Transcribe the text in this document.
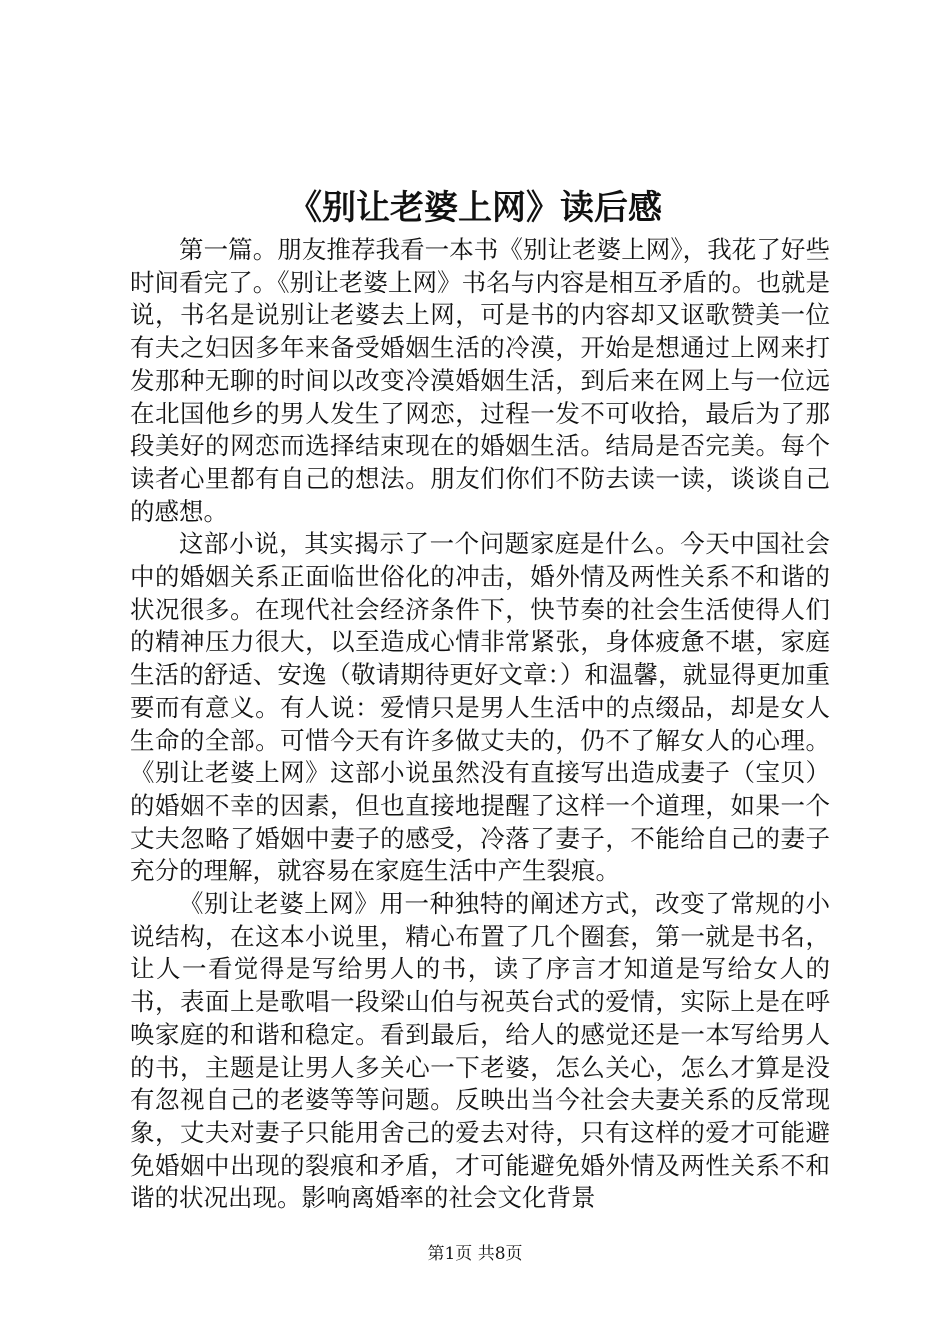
《别让老婆上网》读后感

第一篇。朋友推荐我看一本书《别让老婆上网》，我花了好些时间看完了。《别让老婆上网》书名与内容是相互矛盾的。也就是说，书名是说别让老婆去上网，可是书的内容却又讴歌赞美一位有夫之妇因多年来备受婚姻生活的冷漠，开始是想通过上网来打发那种无聊的时间以改变冷漠婚姻生活，到后来在网上与一位远在北国他乡的男人发生了网恋，过程一发不可收拾，最后为了那段美好的网恋而选择结束现在的婚姻生活。结局是否完美。每个读者心里都有自己的想法。朋友们你们不防去读一读，谈谈自己的感想。

这部小说，其实揭示了一个问题家庭是什么。今天中国社会中的婚姻关系正面临世俗化的冲击，婚外情及两性关系不和谐的状况很多。在现代社会经济条件下，快节奏的社会生活使得人们的精神压力很大，以至造成心情非常紧张，身体疲惫不堪，家庭生活的舒适、安逸（敬请期待更好文章：）和温馨，就显得更加重要而有意义。有人说：爱情只是男人生活中的点缀品，却是女人生命的全部。可惜今天有许多做丈夫的，仍不了解女人的心理。《别让老婆上网》这部小说虽然没有直接写出造成妻子（宝贝）的婚姻不幸的因素，但也直接地提醒了这样一个道理，如果一个丈夫忽略了婚姻中妻子的感受，冷落了妻子，不能给自己的妻子充分的理解，就容易在家庭生活中产生裂痕。

《别让老婆上网》用一种独特的阐述方式，改变了常规的小说结构，在这本小说里，精心布置了几个圈套，第一就是书名，让人一看觉得是写给男人的书，读了序言才知道是写给女人的书，表面上是歌唱一段梁山伯与祝英台式的爱情，实际上是在呼唤家庭的和谐和稳定。看到最后，给人的感觉还是一本写给男人的书，主题是让男人多关心一下老婆，怎么关心，怎么才算是没有忽视自己的老婆等等问题。反映出当今社会夫妻关系的反常现象，丈夫对妻子只能用舍己的爱去对待，只有这样的爱才可能避免婚姻中出现的裂痕和矛盾，才可能避免婚外情及两性关系不和谐的状况出现。影响离婚率的社会文化背景

第1页 共8页
